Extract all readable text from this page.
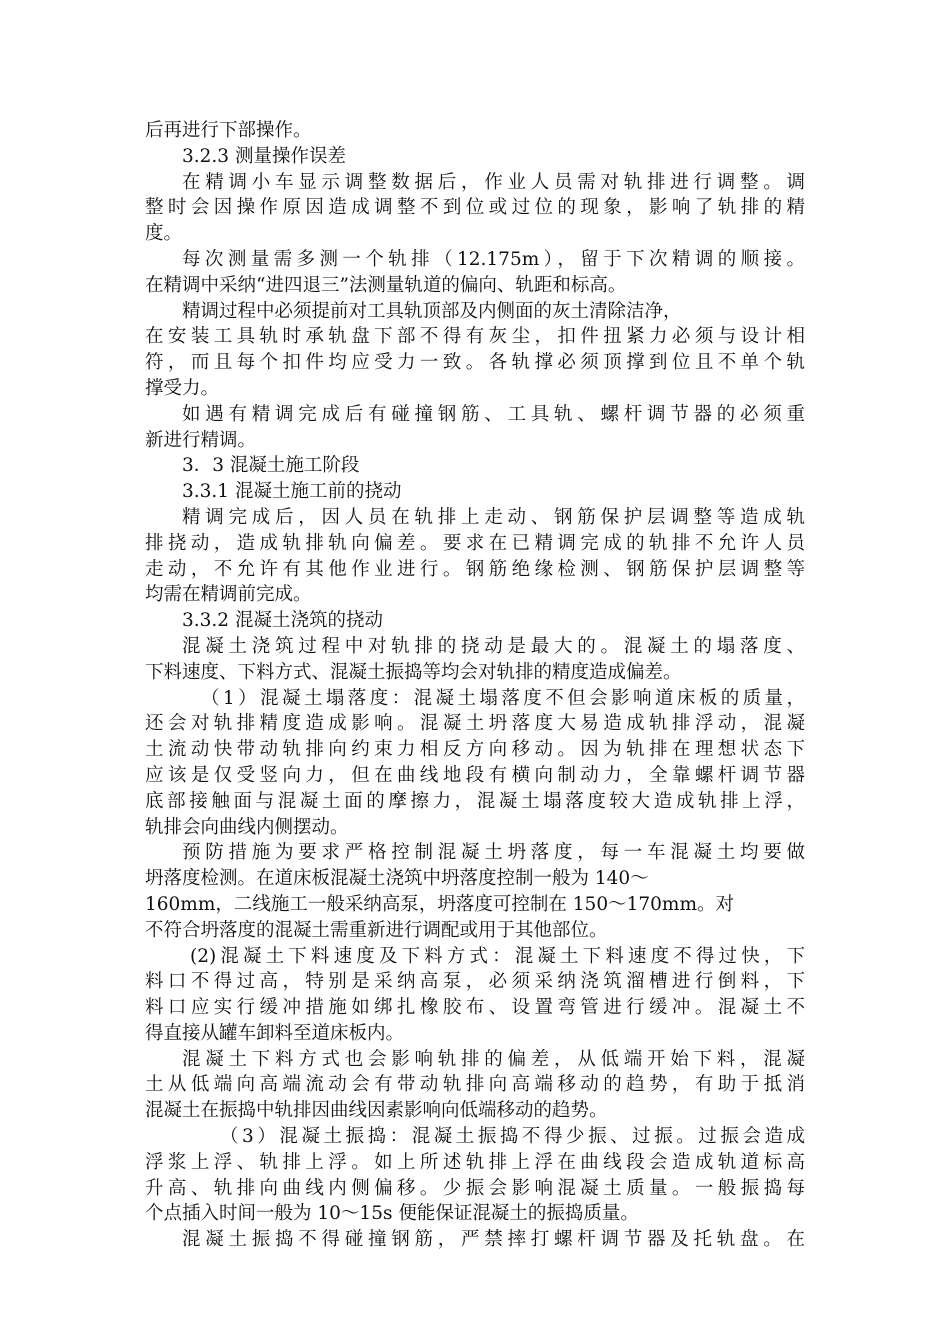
后再进行下部操作。

3.2.3 测量操作误差

在精调小车显示调整数据后，作业人员需对轨排进行调整。调

整时会因操作原因造成调整不到位或过位的现象，影响了轨排的精

度。

每次测量需多测一个轨排（12.175m），留于下次精调的顺接。

在精调中采纳“进四退三”法测量轨道的偏向、轨距和标高。

精调过程中必须提前对工具轨顶部及内侧面的灰土清除洁净，

在安装工具轨时承轨盘下部不得有灰尘，扣件扭紧力必须与设计相

符，而且每个扣件均应受力一致。各轨撑必须顶撑到位且不单个轨

撑受力。

如遇有精调完成后有碰撞钢筋、工具轨、螺杆调节器的必须重

新进行精调。

3．3 混凝土施工阶段

3.3.1 混凝土施工前的挠动

精调完成后，因人员在轨排上走动、钢筋保护层调整等造成轨

排挠动，造成轨排轨向偏差。要求在已精调完成的轨排不允许人员

走动，不允许有其他作业进行。钢筋绝缘检测、钢筋保护层调整等

均需在精调前完成。

3.3.2 混凝土浇筑的挠动

混凝土浇筑过程中对轨排的挠动是最大的。混凝土的塌落度、

下料速度、下料方式、混凝土振捣等均会对轨排的精度造成偏差。

（1）混凝土塌落度：混凝土塌落度不但会影响道床板的质量，

还会对轨排精度造成影响。混凝土坍落度大易造成轨排浮动，混凝

土流动快带动轨排向约束力相反方向移动。因为轨排在理想状态下

应该是仅受竖向力，但在曲线地段有横向制动力，全靠螺杆调节器

底部接触面与混凝土面的摩擦力，混凝土塌落度较大造成轨排上浮，

轨排会向曲线内侧摆动。

预防措施为要求严格控制混凝土坍落度，每一车混凝土均要做

坍落度检测。在道床板混凝土浇筑中坍落度控制一般为 140～

160mm，二线施工一般采纳高泵，坍落度可控制在 150～170mm。对

不符合坍落度的混凝土需重新进行调配或用于其他部位。

(2)混凝土下料速度及下料方式：混凝土下料速度不得过快，下

料口不得过高，特别是采纳高泵，必须采纳浇筑溜槽进行倒料，下

料口应实行缓冲措施如绑扎橡胶布、设置弯管进行缓冲。混凝土不

得直接从罐车卸料至道床板内。

混凝土下料方式也会影响轨排的偏差，从低端开始下料，混凝

土从低端向高端流动会有带动轨排向高端移动的趋势，有助于抵消

混凝土在振捣中轨排因曲线因素影响向低端移动的趋势。

（3）混凝土振捣：混凝土振捣不得少振、过振。过振会造成

浮浆上浮、轨排上浮。如上所述轨排上浮在曲线段会造成轨道标高

升高、轨排向曲线内侧偏移。少振会影响混凝土质量。一般振捣每

个点插入时间一般为 10～15s 便能保证混凝土的振捣质量。

混凝土振捣不得碰撞钢筋，严禁摔打螺杆调节器及托轨盘。在
